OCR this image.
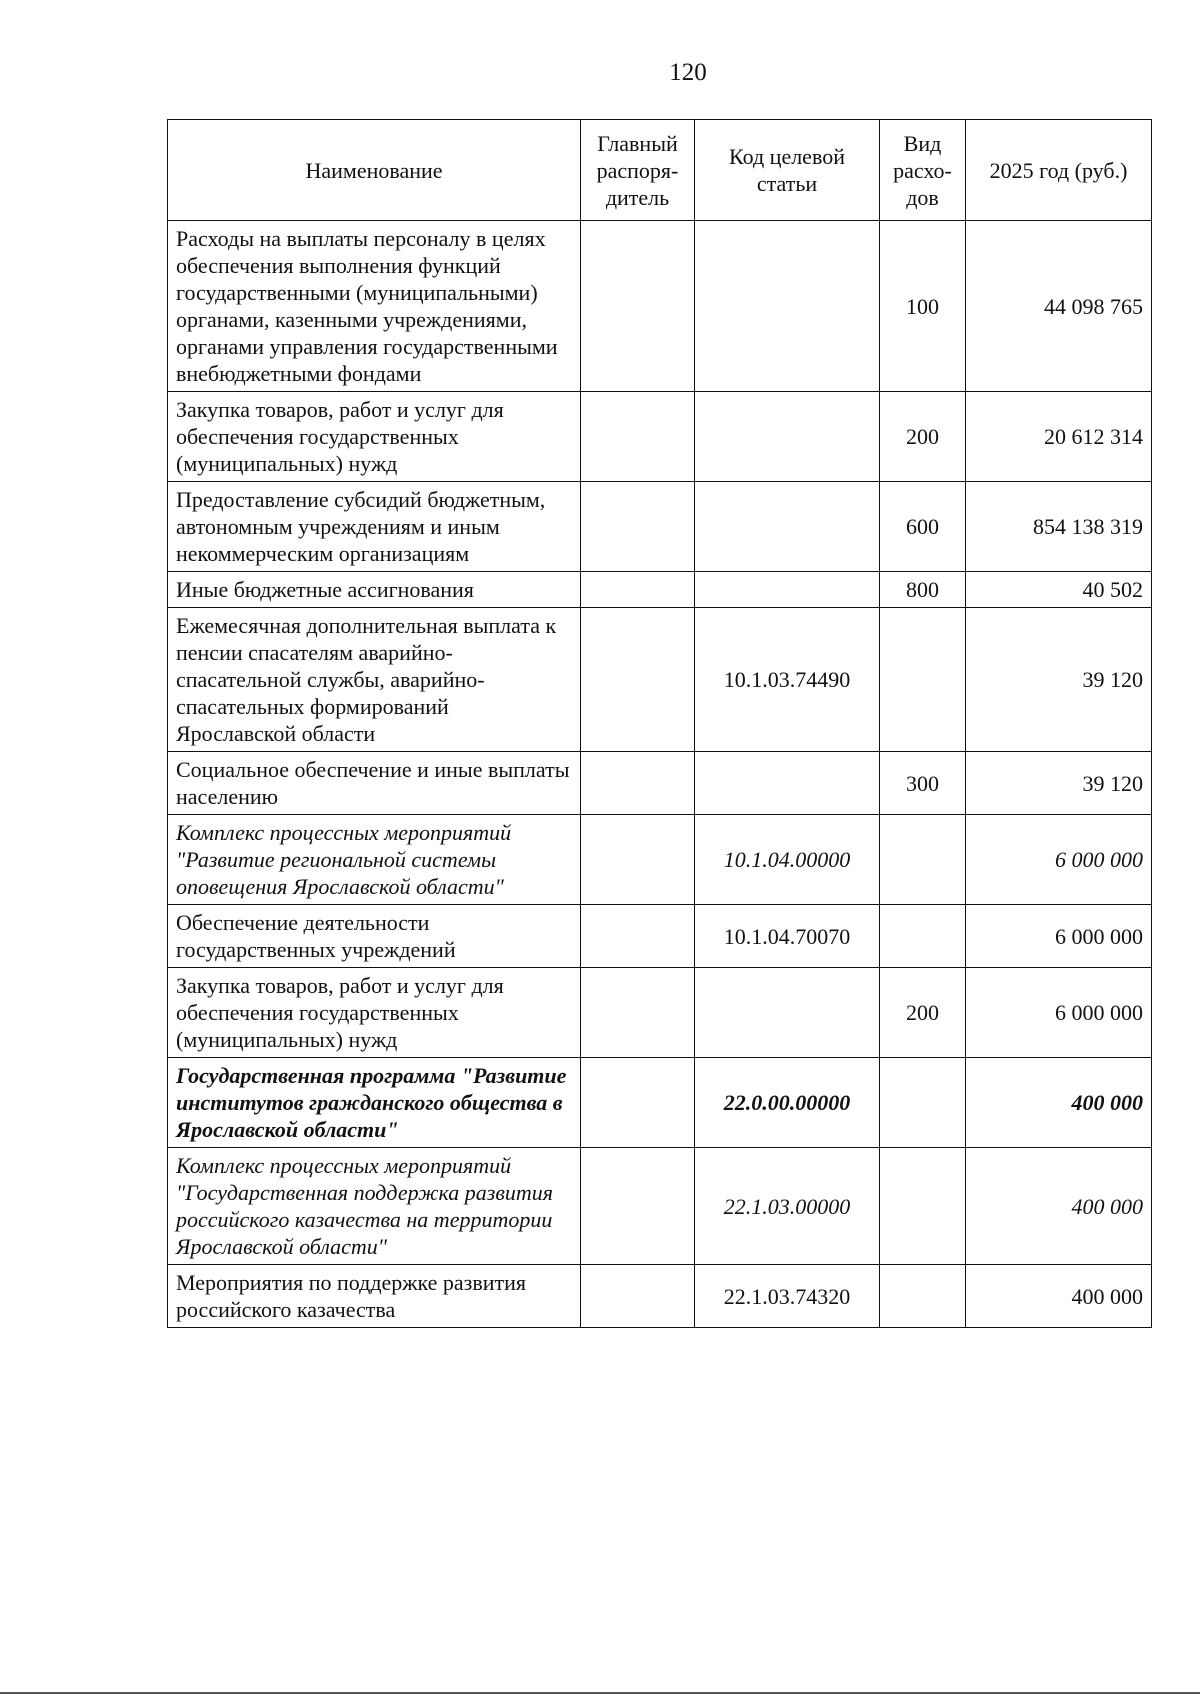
120
Наименование	Главный распоря-дитель	Код целевой статьи	Вид расхо-дов	2025 год (руб.)
Расходы на выплаты персоналу в целях обеспечения выполнения функций государственными (муниципальными) органами, казенными учреждениями, органами управления государственными внебюджетными фондами			100	44 098 765
Закупка товаров, работ и услуг для обеспечения государственных (муниципальных) нужд			200	20 612 314
Предоставление субсидий бюджетным, автономным учреждениям и иным некоммерческим организациям			600	854 138 319
Иные бюджетные ассигнования			800	40 502
Ежемесячная дополнительная выплата к пенсии спасателям аварийно-спасательной службы, аварийно-спасательных формирований Ярославской области		10.1.03.74490		39 120
Социальное обеспечение и иные выплаты населению			300	39 120
Комплекс процессных мероприятий "Развитие региональной системы оповещения Ярославской области"		10.1.04.00000		6 000 000
Обеспечение деятельности государственных учреждений		10.1.04.70070		6 000 000
Закупка товаров, работ и услуг для обеспечения государственных (муниципальных) нужд			200	6 000 000
Государственная программа "Развитие институтов гражданского общества в Ярославской области"		22.0.00.00000		400 000
Комплекс процессных мероприятий "Государственная поддержка развития российского казачества на территории Ярославской области"		22.1.03.00000		400 000
Мероприятия по поддержке развития российского казачества		22.1.03.74320		400 000
